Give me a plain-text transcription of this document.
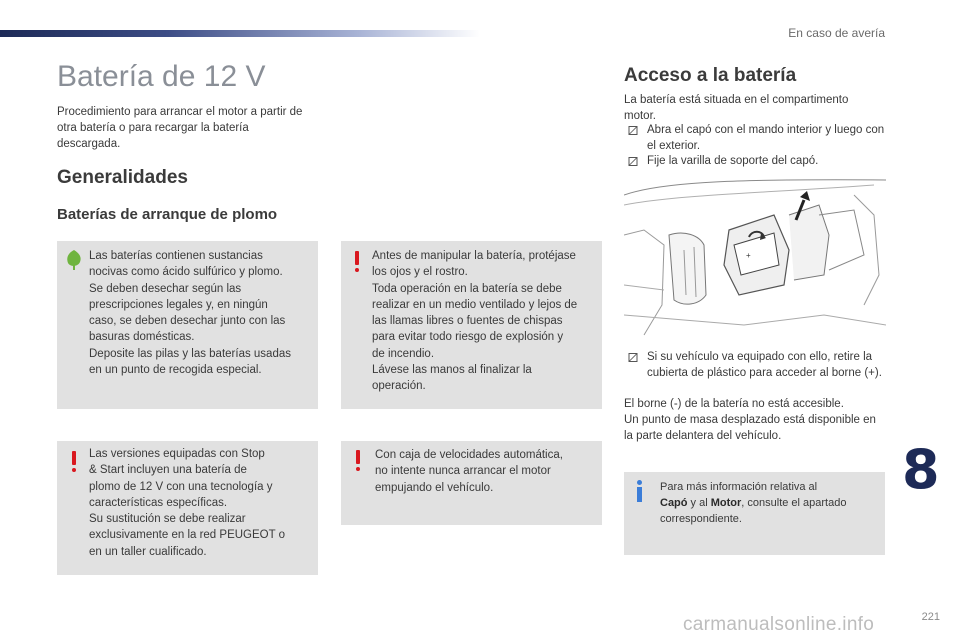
En caso de avería
Batería de 12 V
Procedimiento para arrancar el motor a partir de otra batería o para recargar la batería descargada.
Generalidades
Baterías de arranque de plomo
Las baterías contienen sustancias
nocivas como ácido sulfúrico y plomo.
Se deben desechar según las
prescripciones legales y, en ningún
caso, se deben desechar junto con las
basuras domésticas.
Deposite las pilas y las baterías usadas
en un punto de recogida especial.
Antes de manipular la batería, protéjase
los ojos y el rostro.
Toda operación en la batería se debe
realizar en un medio ventilado y lejos de
las llamas libres o fuentes de chispas
para evitar todo riesgo de explosión y
de incendio.
Lávese las manos al finalizar la
operación.
Las versiones equipadas con Stop
& Start incluyen una batería de
plomo de 12 V con una tecnología y
características específicas.
Su sustitución se debe realizar
exclusivamente en la red PEUGEOT o
en un taller cualificado.
Con caja de velocidades automática,
no intente nunca arrancar el motor
empujando el vehículo.
Acceso a la batería
La batería está situada en el compartimento motor.
Abra el capó con el mando interior y luego con el exterior.
Fije la varilla de soporte del capó.
+
Si su vehículo va equipado con ello, retire la cubierta de plástico para acceder al borne (+).
El borne (-) de la batería no está accesible.
Un punto de masa desplazado está disponible en la parte delantera del vehículo.
Para más información relativa al
Capó y al Motor, consulte el apartado correspondiente.
8
carmanualsonline.info	221
